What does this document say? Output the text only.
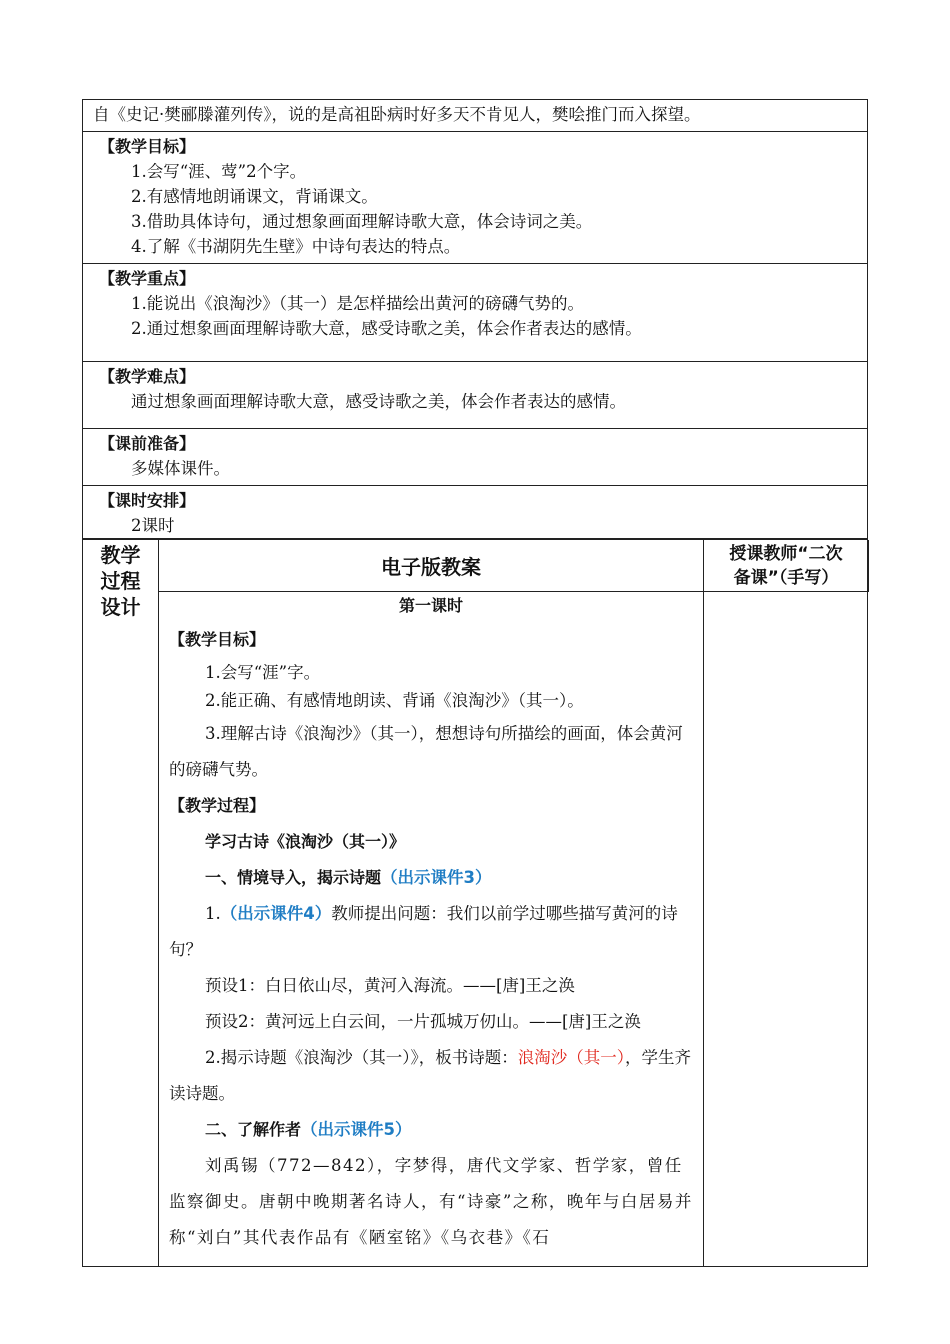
自《史记·樊郦滕灌列传》，说的是高祖卧病时好多天不肯见人，樊哙推门而入探望。
【教学目标】
1.会写“涯、莺”2个字。
2.有感情地朗诵课文，背诵课文。
3.借助具体诗句，通过想象画面理解诗歌大意，体会诗词之美。
4.了解《书湖阴先生壁》中诗句表达的特点。
【教学重点】
1.能说出《浪淘沙》（其一）是怎样描绘出黄河的磅礴气势的。
2.通过想象画面理解诗歌大意，感受诗歌之美，体会作者表达的感情。
【教学难点】
通过想象画面理解诗歌大意，感受诗歌之美，体会作者表达的感情。
【课前准备】
多媒体课件。
【课时安排】
2课时
教学
过程
设计
电子版教案
授课教师“二次
备课”（手写）
第一课时
【教学目标】
1.会写“涯”字。
2.能正确、有感情地朗读、背诵《浪淘沙》（其一）。
3.理解古诗《浪淘沙》（其一），想想诗句所描绘的画面，体会黄河的磅礴气势。
【教学过程】
学习古诗《浪淘沙（其一）》
一、情境导入，揭示诗题（出示课件3）
1.（出示课件4）教师提出问题：我们以前学过哪些描写黄河的诗句？
预设1：白日依山尽，黄河入海流。——[唐]王之涣
预设2：黄河远上白云间，一片孤城万仞山。——[唐]王之涣
2.揭示诗题《浪淘沙（其一）》，板书诗题：浪淘沙（其一），学生齐读诗题。
二、了解作者（出示课件5）
刘禹锡（772—842），字梦得，唐代文学家、哲学家，曾任监察御史。唐朝中晚期著名诗人，有“诗豪”之称，晚年与白居易并称“刘白”其代表作品有《陋室铭》《乌衣巷》《石
